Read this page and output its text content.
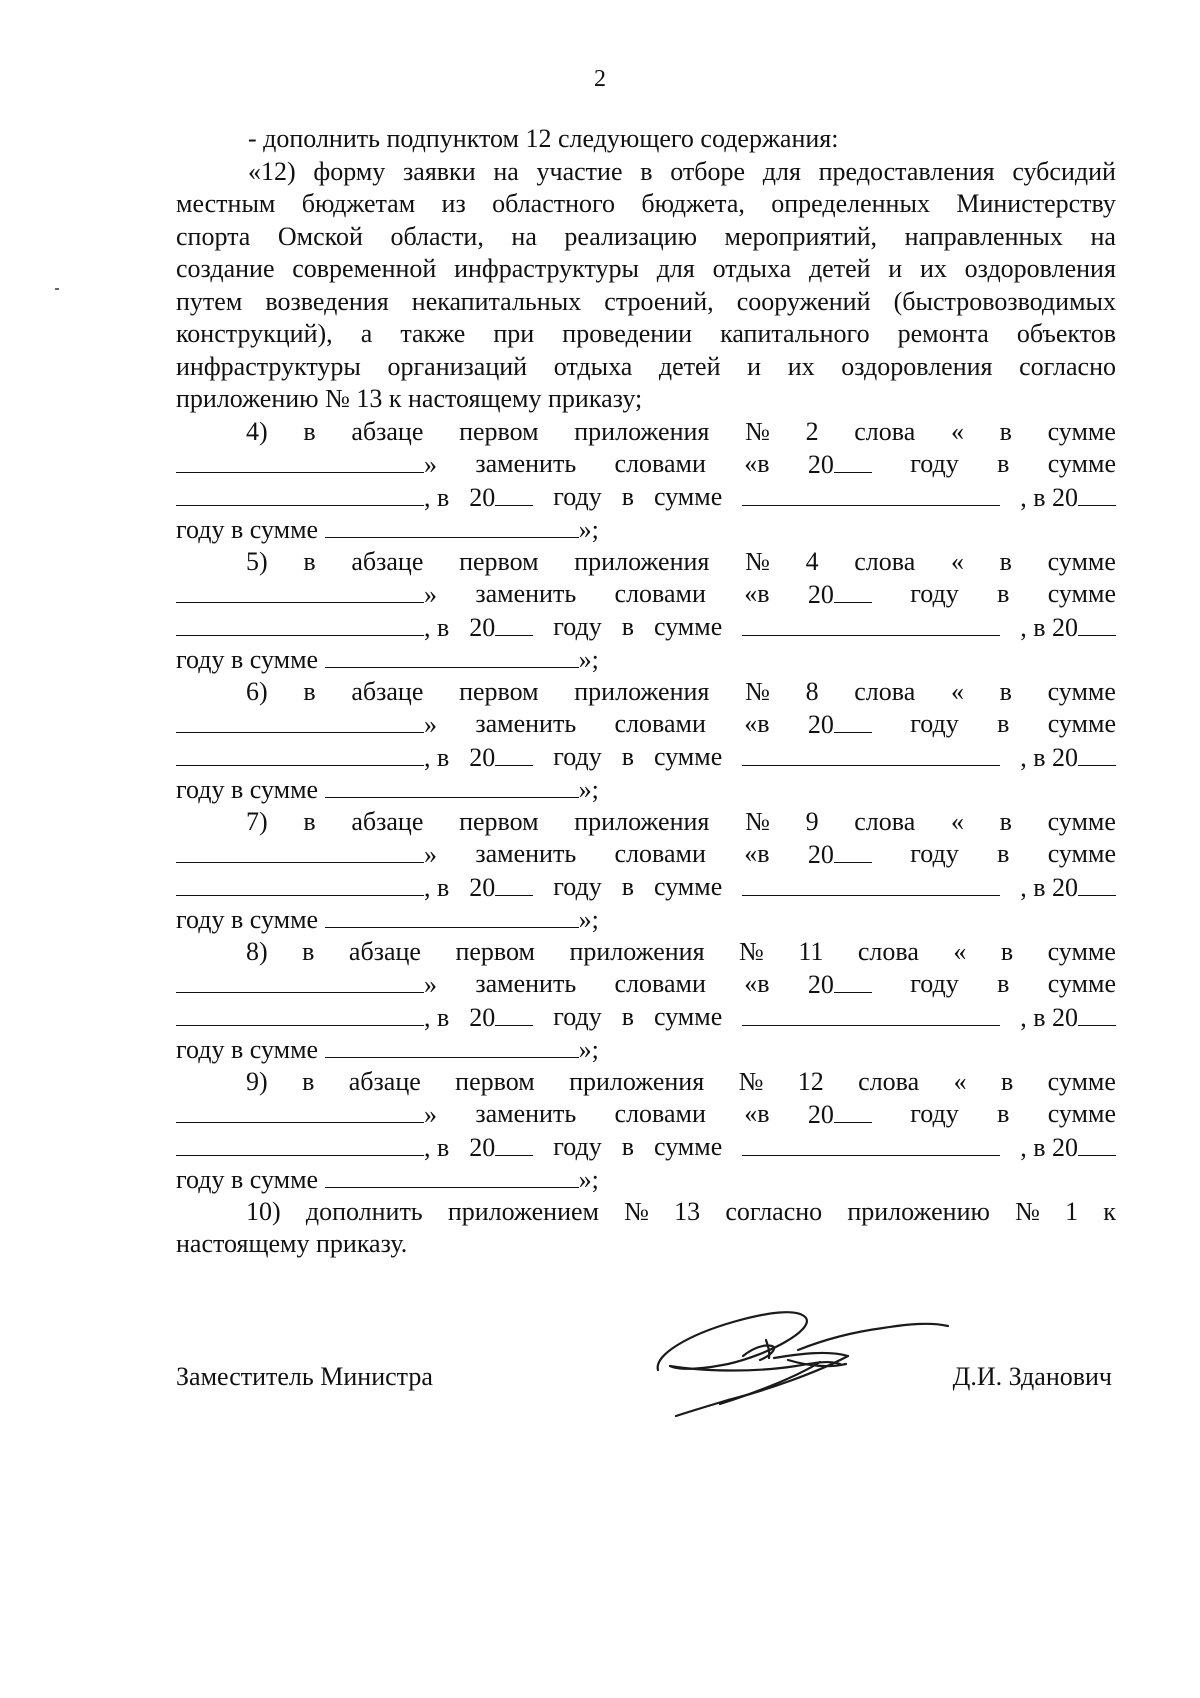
2
- дополнить подпунктом 12 следующего содержания:
«12) форму заявки на участие в отборе для предоставления субсидий
местным бюджетам из областного бюджета, определенных Министерству
спорта Омской области, на реализацию мероприятий, направленных на
создание современной инфраструктуры для отдыха детей и их оздоровления
путем возведения некапитальных строений, сооружений (быстровозводимых
конструкций), а также при проведении капитального ремонта объектов
инфраструктуры организаций отдыха детей и их оздоровления согласно
приложению № 13 к настоящему приказу;
4) в абзаце первом приложения № 2 слова « в сумме
» заменить словами «в 20	году в сумме
, в 20	году в сумме	, в 20
году в сумме	»;
5) в абзаце первом приложения № 4 слова « в сумме
» заменить словами «в 20	году в сумме
, в 20	году в сумме	, в 20
году в сумме	»;
6) в абзаце первом приложения № 8 слова « в сумме
» заменить словами «в 20	году в сумме
, в 20	году в сумме	, в 20
году в сумме	»;
7) в абзаце первом приложения № 9 слова « в сумме
» заменить словами «в 20	году в сумме
, в 20	году в сумме	, в 20
году в сумме	»;
8) в абзаце первом приложения № 11 слова « в сумме
» заменить словами «в 20	году в сумме
, в 20	году в сумме	, в 20
году в сумме	»;
9) в абзаце первом приложения № 12 слова « в сумме
» заменить словами «в 20	году в сумме
, в 20	году в сумме	, в 20
году в сумме	»;
10) дополнить приложением № 13 согласно приложению № 1 к
настоящему приказу.
Заместитель Министра	Д.И. Зданович
